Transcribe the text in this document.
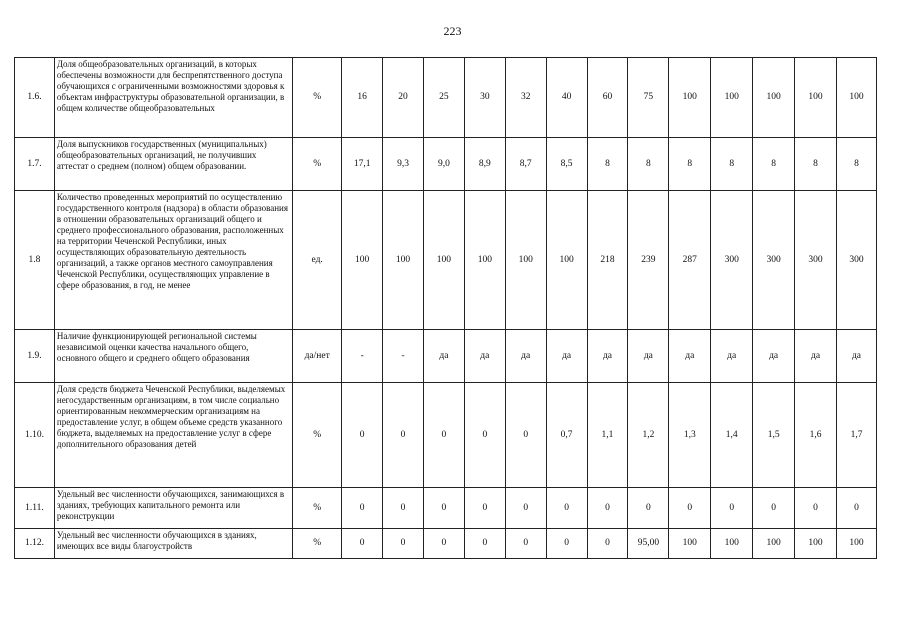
223
1.6.	Доля общеобразовательных организаций, в которых обеспечены возможности для беспрепятственного доступа обучающихся с ограниченными возможностями здоровья к объектам инфраструктуры образовательной организации, в общем количестве общеобразовательных	%	16	20	25	30	32	40	60	75	100	100	100	100	100
1.7.	Доля выпускников государственных (муниципальных) общеобразовательных организаций, не получивших аттестат о среднем (полном) общем образовании.	%	17,1	9,3	9,0	8,9	8,7	8,5	8	8	8	8	8	8	8
1.8	Количество проведенных мероприятий по осуществлению государственного контроля (надзора) в области образования в отношении образовательных организаций общего и среднего профессионального образования, расположенных на территории Чеченской Республики, иных осуществляющих образовательную деятельность организаций, а также органов местного самоуправления Чеченской Республики, осуществляющих управление в сфере образования, в год, не менее	ед.	100	100	100	100	100	100	218	239	287	300	300	300	300
1.9.	Наличие функционирующей региональной системы независимой оценки качества начального общего, основного общего и среднего общего образования	да/нет	-	-	да	да	да	да	да	да	да	да	да	да	да
1.10.	Доля средств бюджета Чеченской Республики, выделяемых негосударственным организациям, в том числе социально ориентированным некоммерческим организациям на предоставление услуг, в общем объеме средств указанного бюджета, выделяемых на предоставление услуг в сфере дополнительного образования детей	%	0	0	0	0	0	0,7	1,1	1,2	1,3	1,4	1,5	1,6	1,7
1.11.	Удельный вес численности обучающихся, занимающихся в зданиях, требующих капитального ремонта или реконструкции	%	0	0	0	0	0	0	0	0	0	0	0	0	0
1.12.	Удельный вес численности обучающихся в зданиях, имеющих все виды благоустройств	%	0	0	0	0	0	0	0	95,00	100	100	100	100	100
